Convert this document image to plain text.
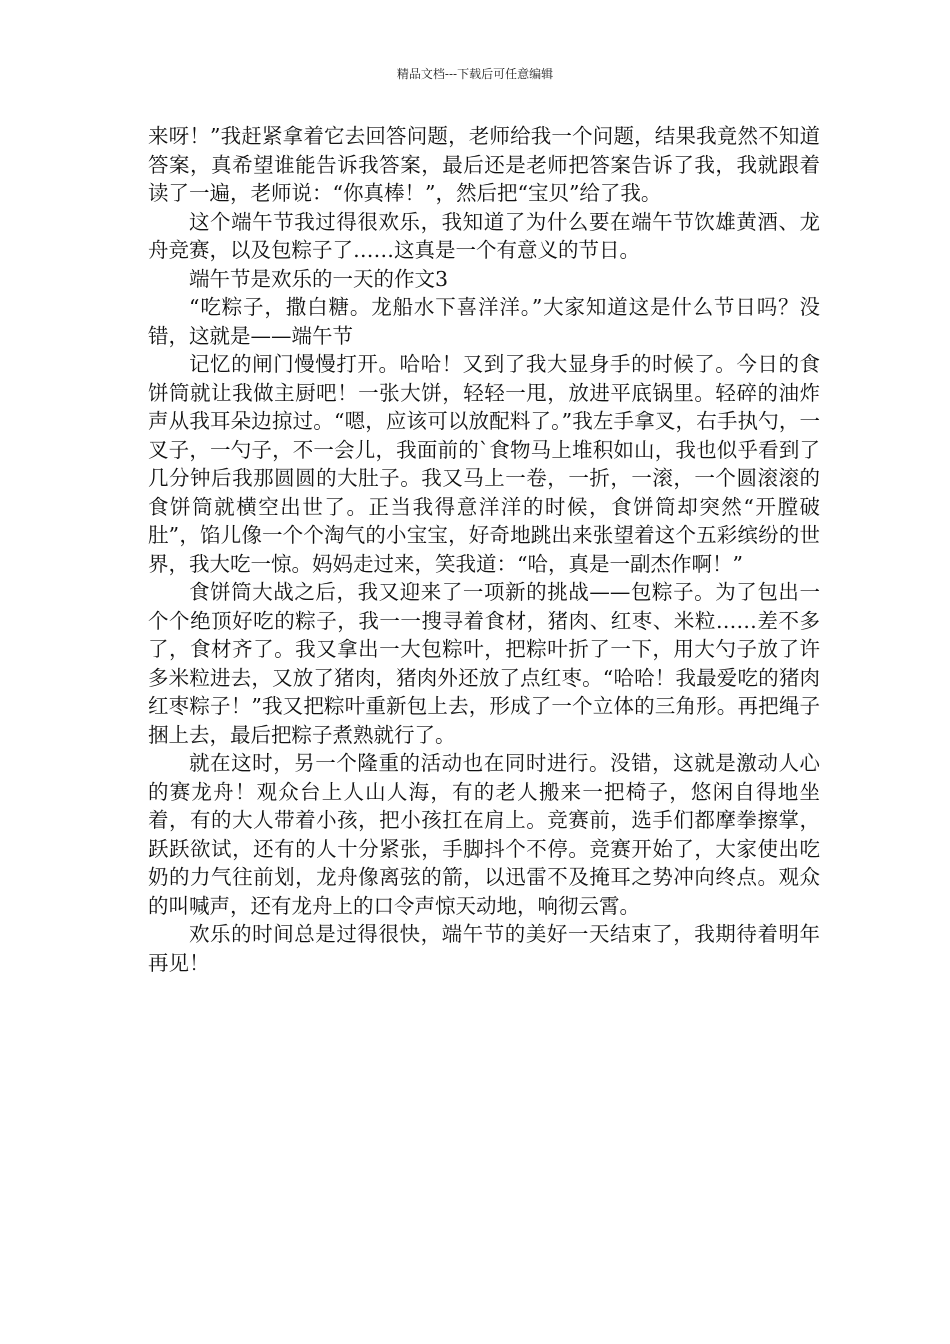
精品文档---下载后可任意编辑

来呀！”我赶紧拿着它去回答问题，老师给我一个问题，结果我竟然不知道答案，真希望谁能告诉我答案，最后还是老师把答案告诉了我，我就跟着读了一遍，老师说：“你真棒！”，然后把“宝贝”给了我。

这个端午节我过得很欢乐，我知道了为什么要在端午节饮雄黄酒、龙舟竞赛，以及包粽子了……这真是一个有意义的节日。

端午节是欢乐的一天的作文3

“吃粽子，撒白糖。龙船水下喜洋洋。”大家知道这是什么节日吗？没错，这就是——端午节

记忆的闸门慢慢打开。哈哈！又到了我大显身手的时候了。今日的食饼筒就让我做主厨吧！一张大饼，轻轻一甩，放进平底锅里。轻碎的油炸声从我耳朵边掠过。“嗯，应该可以放配料了。”我左手拿叉，右手执勺，一叉子，一勺子，不一会儿，我面前的`食物马上堆积如山，我也似乎看到了几分钟后我那圆圆的大肚子。我又马上一卷，一折，一滚，一个圆滚滚的食饼筒就横空出世了。正当我得意洋洋的时候，食饼筒却突然“开膛破肚”，馅儿像一个个淘气的小宝宝，好奇地跳出来张望着这个五彩缤纷的世界，我大吃一惊。妈妈走过来，笑我道：“哈，真是一副杰作啊！”

食饼筒大战之后，我又迎来了一项新的挑战——包粽子。为了包出一个个绝顶好吃的粽子，我一一搜寻着食材，猪肉、红枣、米粒……差不多了，食材齐了。我又拿出一大包粽叶，把粽叶折了一下，用大勺子放了许多米粒进去，又放了猪肉，猪肉外还放了点红枣。“哈哈！我最爱吃的猪肉红枣粽子！”我又把粽叶重新包上去，形成了一个立体的三角形。再把绳子捆上去，最后把粽子煮熟就行了。

就在这时，另一个隆重的活动也在同时进行。没错，这就是激动人心的赛龙舟！观众台上人山人海，有的老人搬来一把椅子，悠闲自得地坐着，有的大人带着小孩，把小孩扛在肩上。竞赛前，选手们都摩拳擦掌，跃跃欲试，还有的人十分紧张，手脚抖个不停。竞赛开始了，大家使出吃奶的力气往前划，龙舟像离弦的箭，以迅雷不及掩耳之势冲向终点。观众的叫喊声，还有龙舟上的口令声惊天动地，响彻云霄。

欢乐的时间总是过得很快，端午节的美好一天结束了，我期待着明年再见！
